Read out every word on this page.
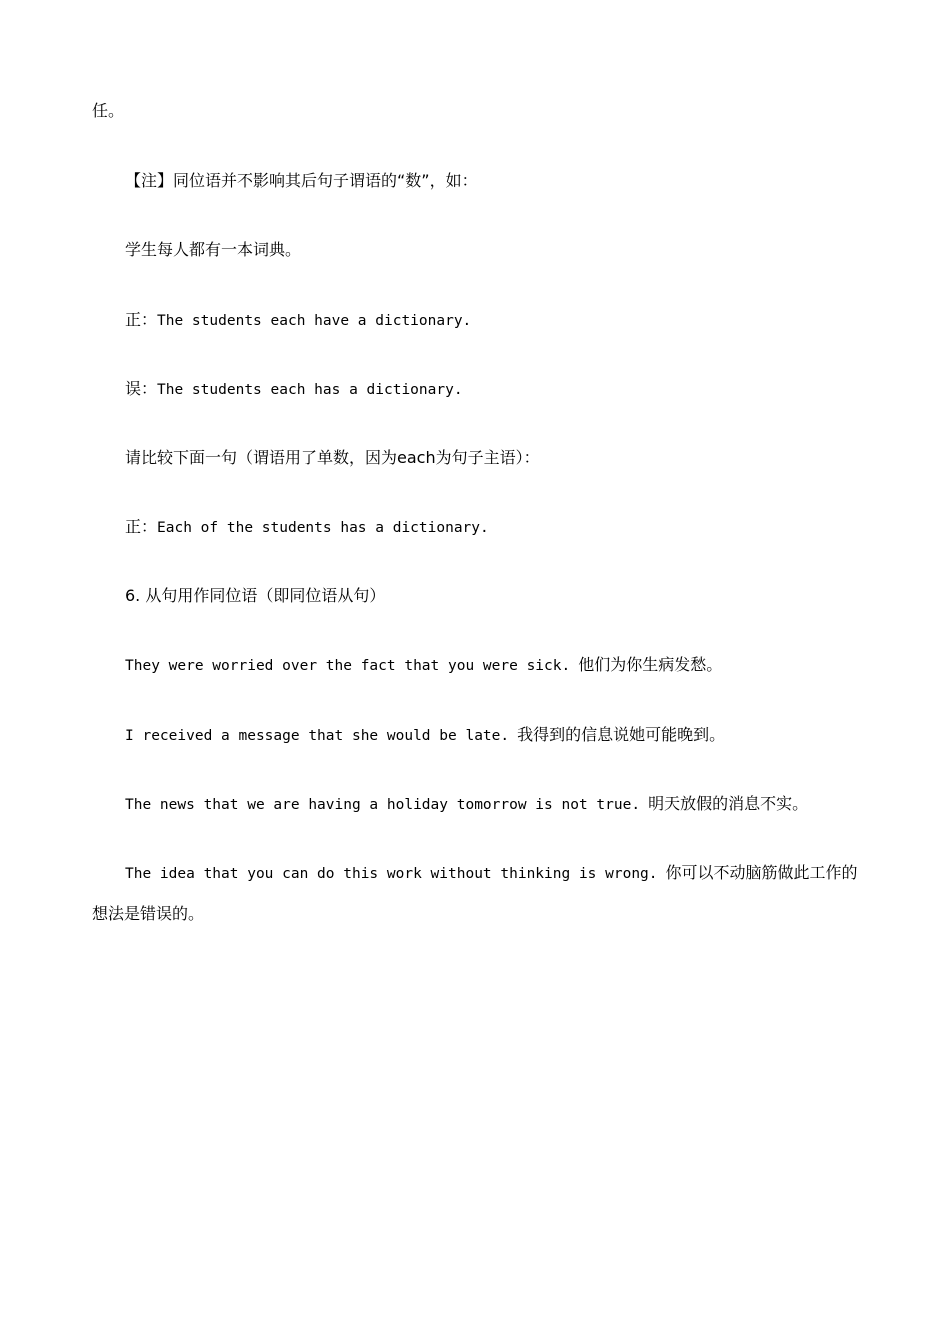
任。
【注】同位语并不影响其后句子谓语的“数”，如：
学生每人都有一本词典。
正：The students each have a dictionary.
误：The students each has a dictionary.
请比较下面一句（谓语用了单数，因为each为句子主语）：
正：Each of the students has a dictionary.
6. 从句用作同位语（即同位语从句）
They were worried over the fact that you were sick. 他们为你生病发愁。
I received a message that she would be late. 我得到的信息说她可能晚到。
The news that we are having a holiday tomorrow is not true. 明天放假的消息不实。
The idea that you can do this work without thinking is wrong. 你可以不动脑筋做此工作的
想法是错误的。
